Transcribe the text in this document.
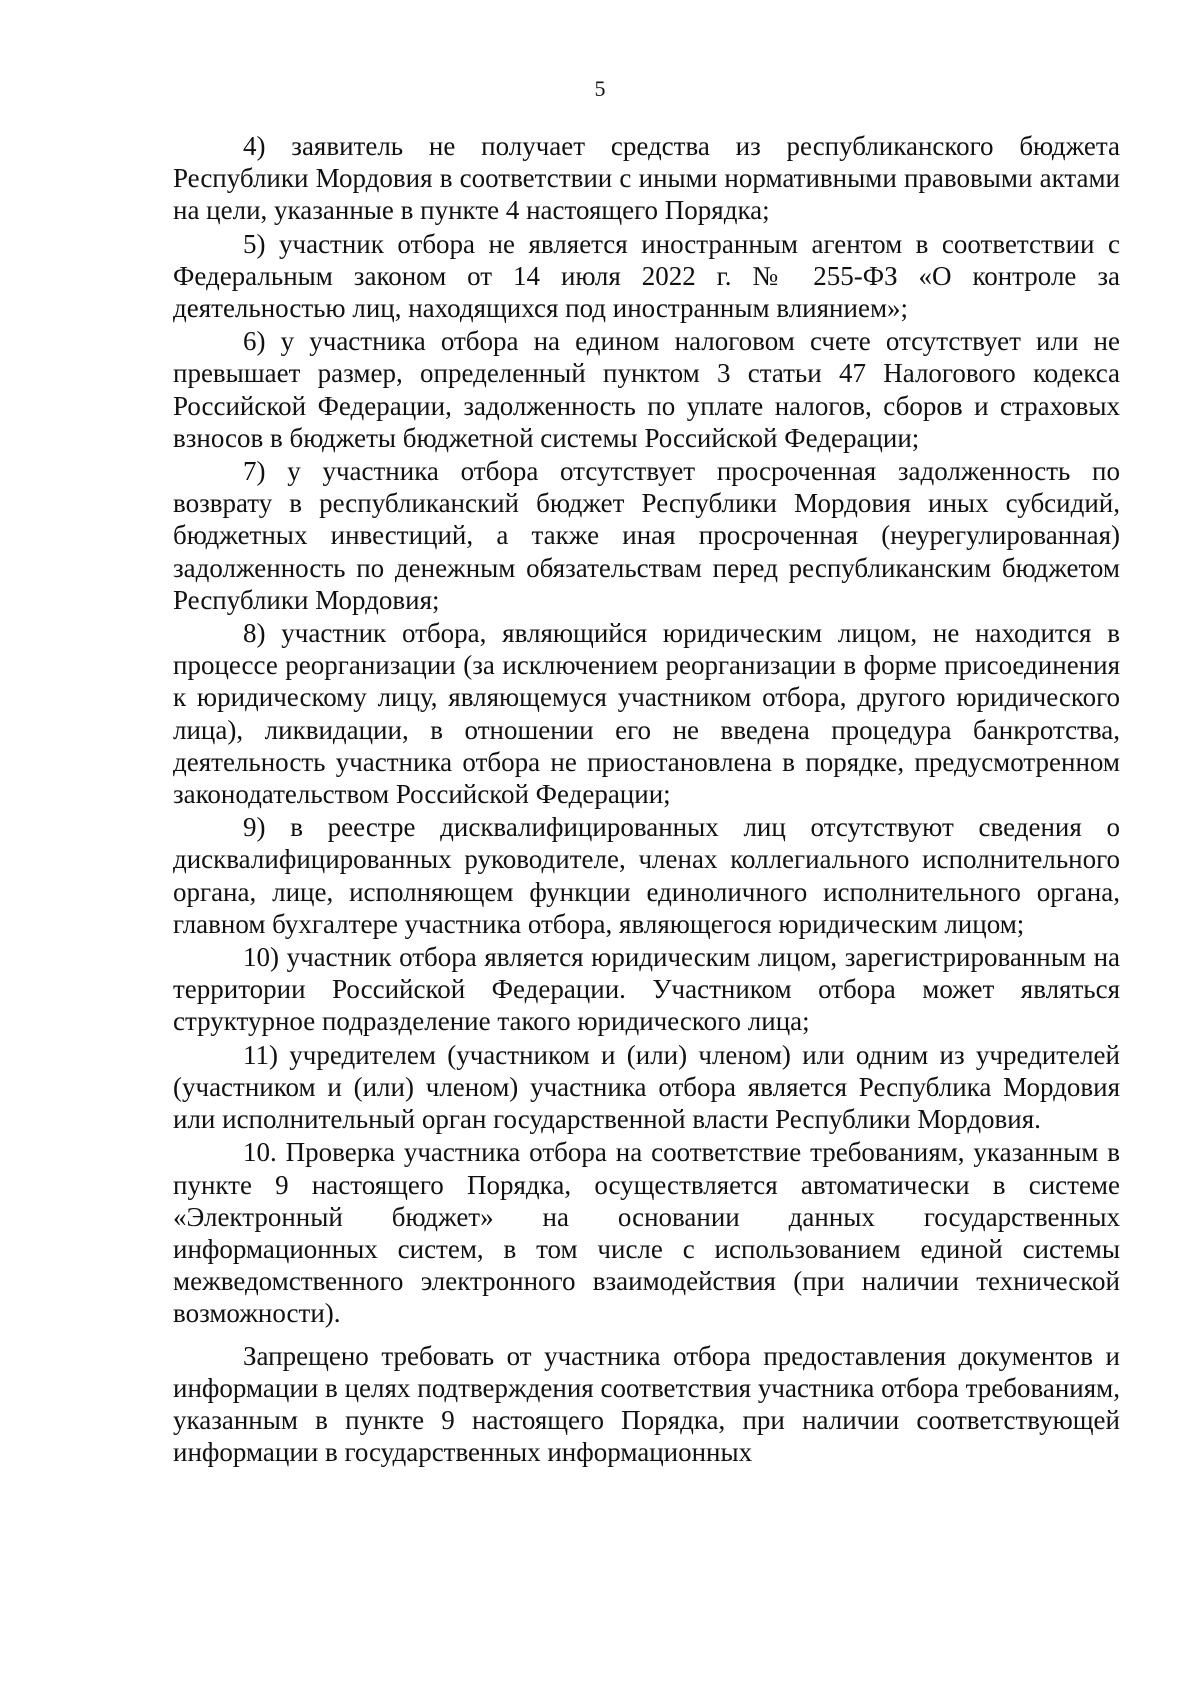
5

4) заявитель не получает средства из республиканского бюджета Республики Мордовия в соответствии с иными нормативными правовыми актами на цели, указанные в пункте 4 настоящего Порядка;

5) участник отбора не является иностранным агентом в соответствии с Федеральным законом от 14 июля 2022 г. № 255-ФЗ «О контроле за деятельностью лиц, находящихся под иностранным влиянием»;

6) у участника отбора на едином налоговом счете отсутствует или не превышает размер, определенный пунктом 3 статьи 47 Налогового кодекса Российской Федерации, задолженность по уплате налогов, сборов и страховых взносов в бюджеты бюджетной системы Российской Федерации;

7) у участника отбора отсутствует просроченная задолженность по возврату в республиканский бюджет Республики Мордовия иных субсидий, бюджетных инвестиций, а также иная просроченная (неурегулированная) задолженность по денежным обязательствам перед республиканским бюджетом Республики Мордовия;

8) участник отбора, являющийся юридическим лицом, не находится в процессе реорганизации (за исключением реорганизации в форме присоединения к юридическому лицу, являющемуся участником отбора, другого юридического лица), ликвидации, в отношении его не введена процедура банкротства, деятельность участника отбора не приостановлена в порядке, предусмотренном законодательством Российской Федерации;

9) в реестре дисквалифицированных лиц отсутствуют сведения о дисквалифицированных руководителе, членах коллегиального исполнительного органа, лице, исполняющем функции единоличного исполнительного органа, главном бухгалтере участника отбора, являющегося юридическим лицом;

10) участник отбора является юридическим лицом, зарегистрированным на территории Российской Федерации. Участником отбора может являться структурное подразделение такого юридического лица;

11) учредителем (участником и (или) членом) или одним из учредителей (участником и (или) членом) участника отбора является Республика Мордовия или исполнительный орган государственной власти Республики Мордовия.

10. Проверка участника отбора на соответствие требованиям, указанным в пункте 9 настоящего Порядка, осуществляется автоматически в системе «Электронный бюджет» на основании данных государственных информационных систем, в том числе с использованием единой системы межведомственного электронного взаимодействия (при наличии технической возможности).

Запрещено требовать от участника отбора предоставления документов и информации в целях подтверждения соответствия участника отбора требованиям, указанным в пункте 9 настоящего Порядка, при наличии соответствующей информации в государственных информационных
